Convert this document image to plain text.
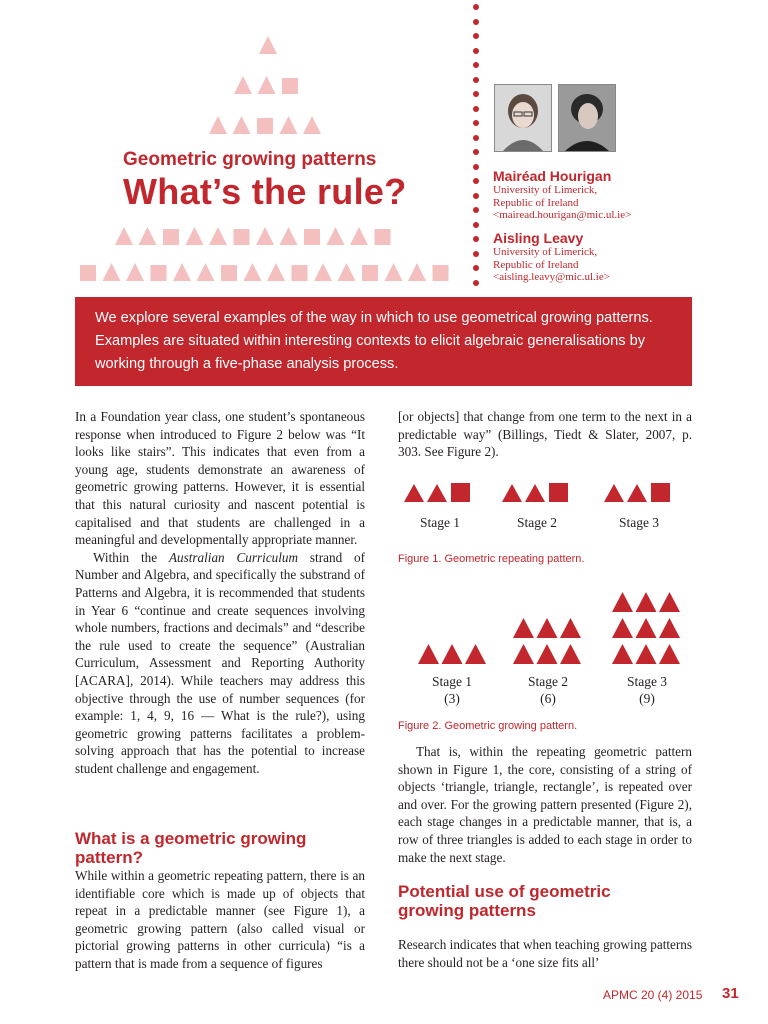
Geometric growing patterns
What’s the rule?	Mairéad Hourigan
University of Limerick,
Republic of Ireland
<mairead.hourigan@mic.ul.ie>
Aisling Leavy
University of Limerick,
Republic of Ireland
<aisling.leavy@mic.ul.ie>
We explore several examples of the way in which to use geometrical growing patterns. Examples are situated within interesting contexts to elicit algebraic generalisations by working through a five-phase analysis process.

In a Foundation year class, one student’s spontaneous response when introduced to Figure 2 below was “It looks like stairs”. This indicates that even from a young age, students demonstrate an awareness of geometric growing patterns. However, it is essential that this natural curiosity and nascent potential is capitalised and that students are challenged in a meaningful and developmentally appropriate manner.

Within the Australian Curriculum strand of Number and Algebra, and specifically the substrand of Patterns and Algebra, it is recommended that students in Year 6 “continue and create sequences involving whole numbers, fractions and decimals” and “describe the rule used to create the sequence” (Australian Curriculum, Assessment and Reporting Authority [ACARA], 2014). While teachers may address this objective through the use of number sequences (for example: 1, 4, 9, 16 — What is the rule?), using geometric growing patterns facilitates a problem-solving approach that has the potential to increase student challenge and engagement.

What is a geometric growing pattern?

While within a geometric repeating pattern, there is an identifiable core which is made up of objects that repeat in a predictable manner (see Figure 1), a geometric growing pattern (also called visual or pictorial growing patterns in other curricula) “is a pattern that is made from a sequence of figures

[or objects] that change from one term to the next in a predictable way” (Billings, Tiedt & Slater, 2007, p. 303. See Figure 2).

Stage 1	Stage 2	Stage 3
Figure 1. Geometric repeating pattern.
Stage 1
(3)
Stage 2
(6)
Stage 3
(9)
Figure 2. Geometric growing pattern.

That is, within the repeating geometric pattern shown in Figure 1, the core, consisting of a string of objects ‘triangle, triangle, rectangle’, is repeated over and over. For the growing pattern presented (Figure 2), each stage changes in a predictable manner, that is, a row of three triangles is added to each stage in order to make the next stage.

Potential use of geometric
growing patterns

Research indicates that when teaching growing patterns there should not be a ‘one size fits all’

APMC 20 (4) 2015 31
